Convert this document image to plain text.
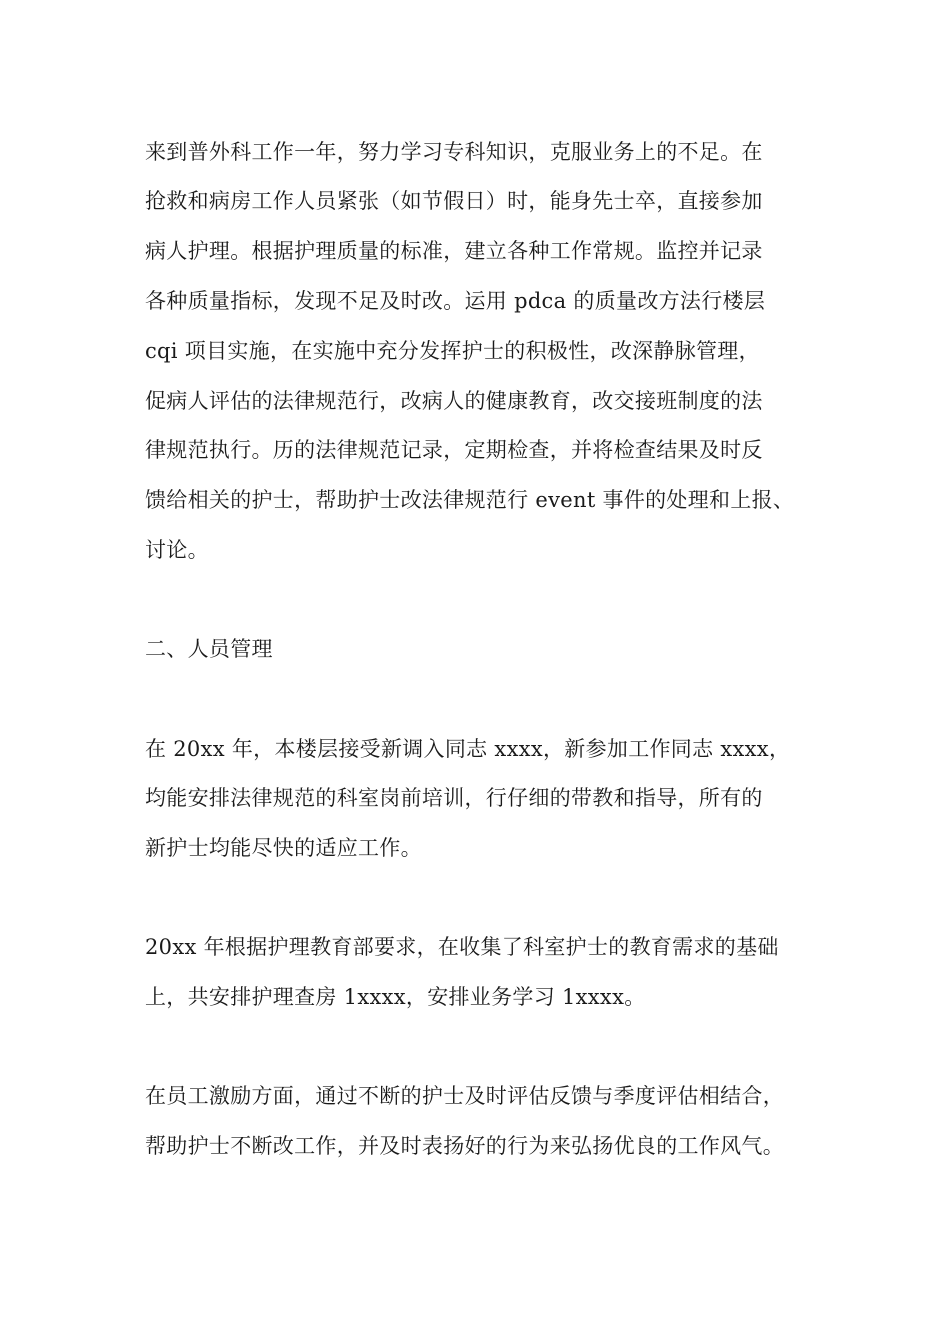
来到普外科工作一年，努力学习专科知识，克服业务上的不足。在
抢救和病房工作人员紧张（如节假日）时，能身先士卒，直接参加
病人护理。根据护理质量的标准，建立各种工作常规。监控并记录
各种质量指标，发现不足及时改。运用 pdca 的质量改方法行楼层
cqi 项目实施，在实施中充分发挥护士的积极性，改深静脉管理，
促病人评估的法律规范行，改病人的健康教育，改交接班制度的法
律规范执行。历的法律规范记录，定期检查，并将检查结果及时反
馈给相关的护士，帮助护士改法律规范行 event 事件的处理和上报、
讨论。
二、人员管理
在 20xx 年，本楼层接受新调入同志 xxxx，新参加工作同志 xxxx，
均能安排法律规范的科室岗前培训，行仔细的带教和指导，所有的
新护士均能尽快的适应工作。
20xx 年根据护理教育部要求，在收集了科室护士的教育需求的基础
上，共安排护理查房 1xxxx，安排业务学习 1xxxx。
在员工激励方面，通过不断的护士及时评估反馈与季度评估相结合，
帮助护士不断改工作，并及时表扬好的行为来弘扬优良的工作风气。
